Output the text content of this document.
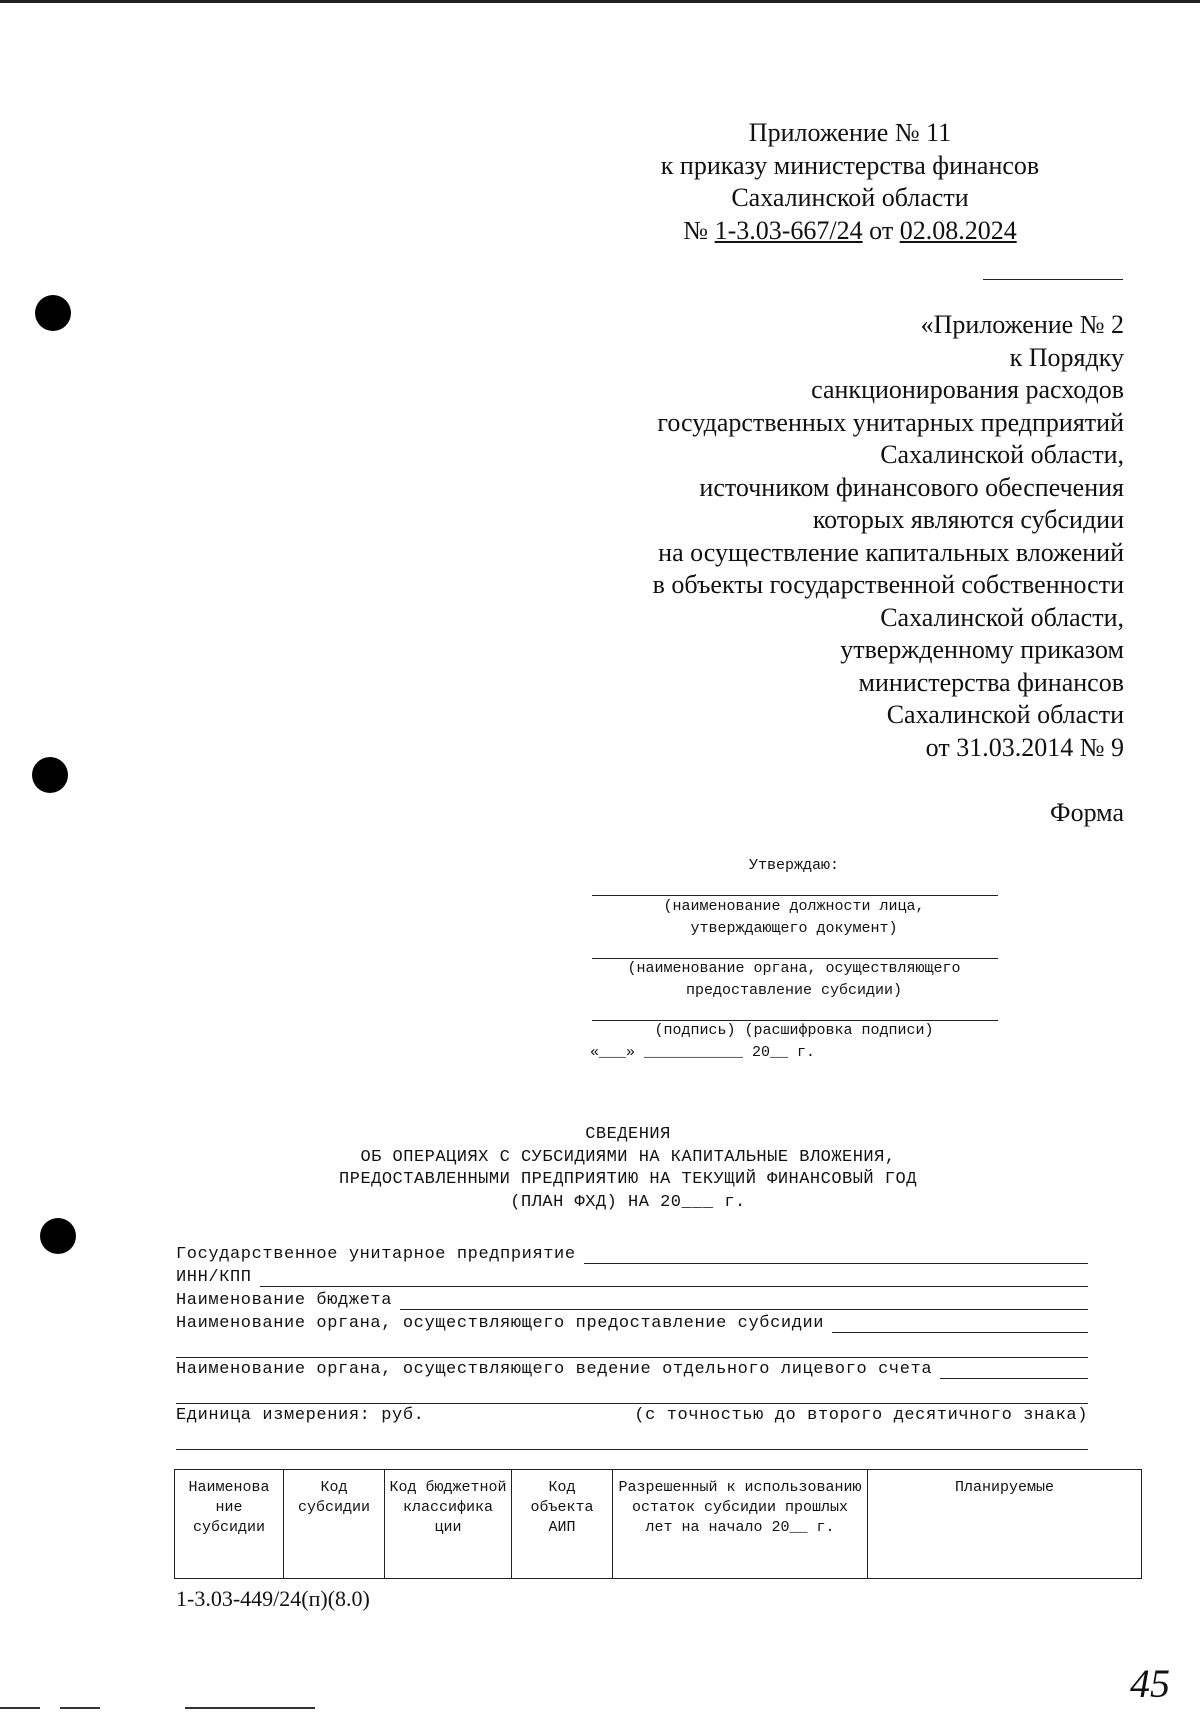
Приложение № 11
к приказу министерства финансов
Сахалинской области
№ 1-3.03-667/24 от 02.08.2024
«Приложение № 2
к Порядку
санкционирования расходов
государственных унитарных предприятий
Сахалинской области,
источником финансового обеспечения
которых являются субсидии
на осуществление капитальных вложений
в объекты государственной собственности
Сахалинской области,
утвержденному приказом
министерства финансов
Сахалинской области
от 31.03.2014 № 9
Форма
Утверждаю:
(наименование должности лица,
утверждающего документ)
(наименование органа, осуществляющего
предоставление субсидии)
(подпись) (расшифровка подписи)
«___» ___________ 20__ г.
СВЕДЕНИЯ
ОБ ОПЕРАЦИЯХ С СУБСИДИЯМИ НА КАПИТАЛЬНЫЕ ВЛОЖЕНИЯ,
ПРЕДОСТАВЛЕННЫМИ ПРЕДПРИЯТИЮ НА ТЕКУЩИЙ ФИНАНСОВЫЙ ГОД
(ПЛАН ФХД) НА 20___ г.
Государственное унитарное предприятие
ИНН/КПП
Наименование бюджета
Наименование органа, осуществляющего предоставление субсидии
Наименование органа, осуществляющего ведение отдельного лицевого счета
Единица измерения: руб.	(с точностью до второго десятичного знака)
Наименова ние субсидии	Код субсидии	Код бюджетной классифика ции	Код объекта АИП	Разрешенный к использованию остаток субсидии прошлых лет на начало 20__ г.	Планируемые
1-3.03-449/24(п)(8.0)
45
